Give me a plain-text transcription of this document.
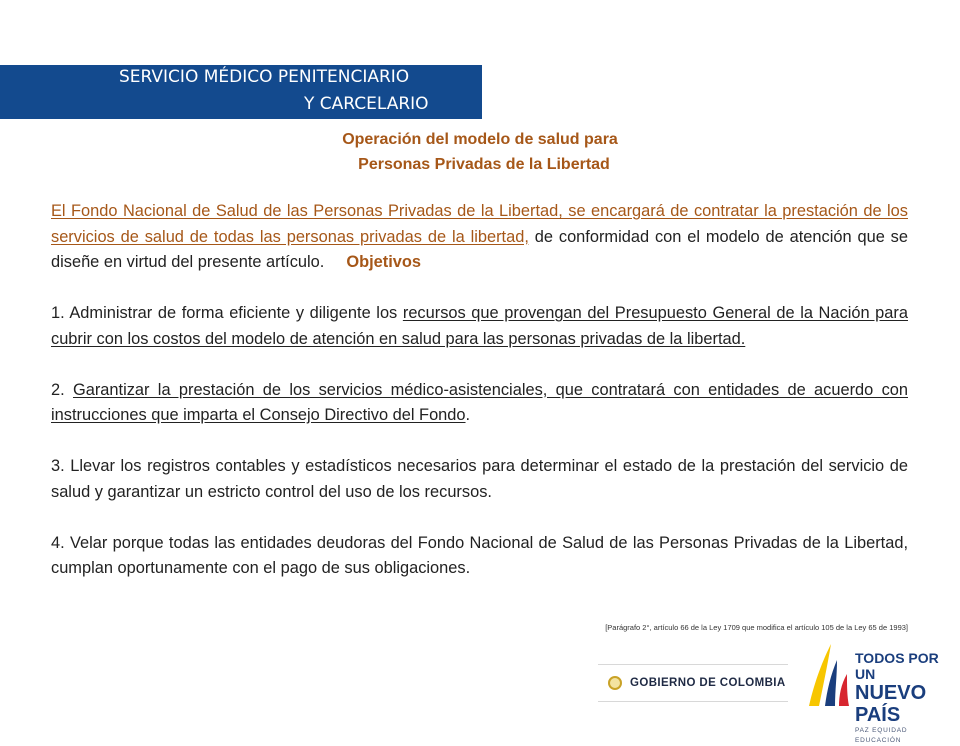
SERVICIO MÉDICO PENITENCIARIO
Y CARCELARIO
Operación del modelo de salud para
Personas Privadas de la Libertad

El Fondo Nacional de Salud de las Personas Privadas de la Libertad, se encargará de contratar la prestación de los servicios de salud de todas las personas privadas de la libertad, de conformidad con el modelo de atención que se diseñe en virtud del presente artículo. Objetivos

1. Administrar de forma eficiente y diligente los recursos que provengan del Presupuesto General de la Nación para cubrir con los costos del modelo de atención en salud para las personas privadas de la libertad.

2. Garantizar la prestación de los servicios médico-asistenciales, que contratará con entidades de acuerdo con instrucciones que imparta el Consejo Directivo del Fondo.

3. Llevar los registros contables y estadísticos necesarios para determinar el estado de la prestación del servicio de salud y garantizar un estricto control del uso de los recursos.

4. Velar porque todas las entidades deudoras del Fondo Nacional de Salud de las Personas Privadas de la Libertad, cumplan oportunamente con el pago de sus obligaciones.

[Parágrafo 2°, artículo 66 de la Ley 1709 que modifica el artículo 105 de la Ley 65 de 1993]
GOBIERNO DE COLOMBIA
TODOS POR UN
NUEVO PAÍS
PAZ EQUIDAD EDUCACIÓN
